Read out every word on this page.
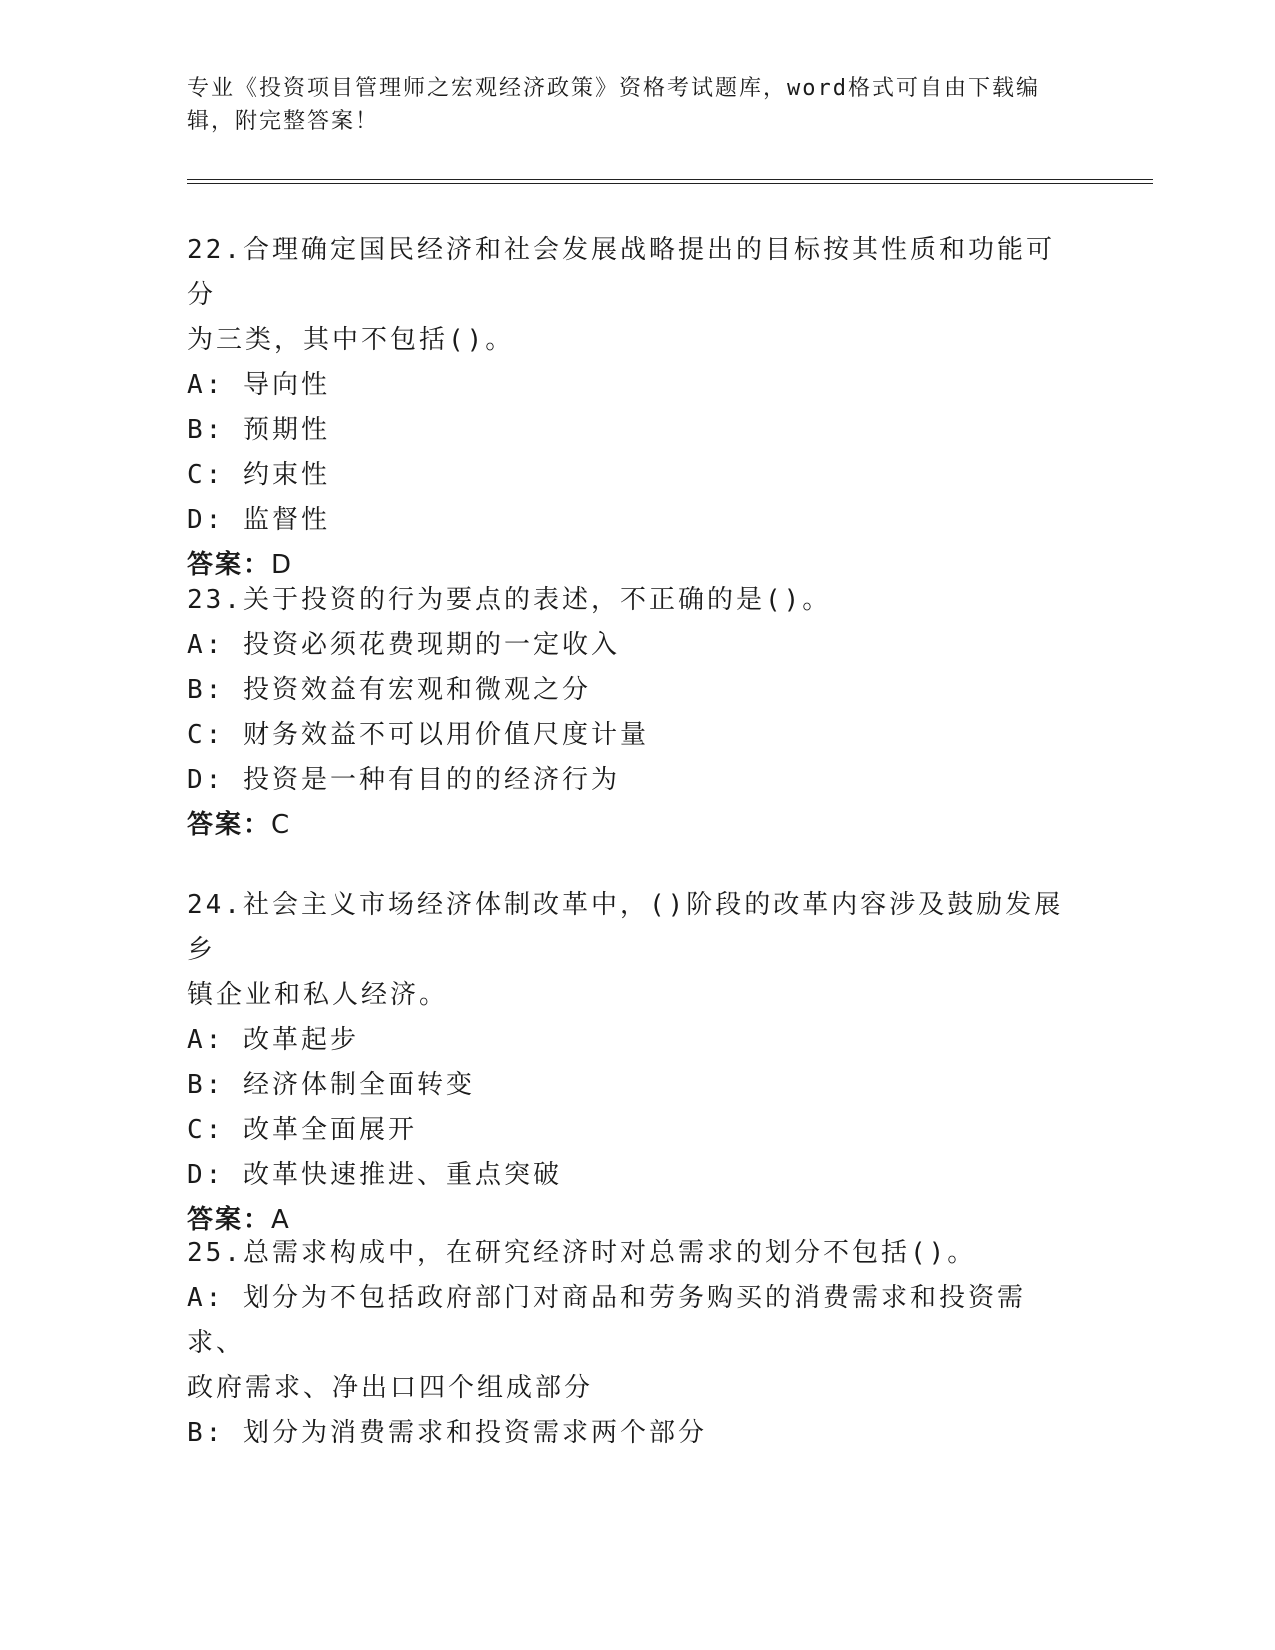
专业《投资项目管理师之宏观经济政策》资格考试题库，word格式可自由下载编
辑，附完整答案！
22.合理确定国民经济和社会发展战略提出的目标按其性质和功能可分
为三类，其中不包括()。
A: 导向性
B: 预期性
C: 约束性
D: 监督性
答案：D
23.关于投资的行为要点的表述，不正确的是()。
A: 投资必须花费现期的一定收入
B: 投资效益有宏观和微观之分
C: 财务效益不可以用价值尺度计量
D: 投资是一种有目的的经济行为
答案：C
24.社会主义市场经济体制改革中，()阶段的改革内容涉及鼓励发展乡
镇企业和私人经济。
A: 改革起步
B: 经济体制全面转变
C: 改革全面展开
D: 改革快速推进、重点突破
答案：A
25.总需求构成中，在研究经济时对总需求的划分不包括()。
A: 划分为不包括政府部门对商品和劳务购买的消费需求和投资需求、
政府需求、净出口四个组成部分
B: 划分为消费需求和投资需求两个部分
